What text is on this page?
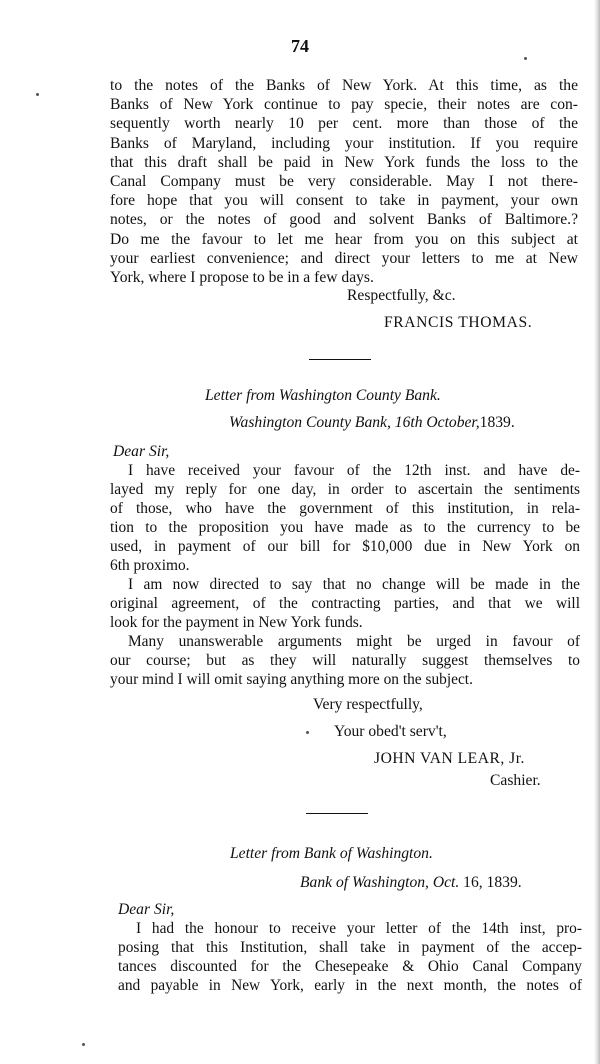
74
to the notes of the Banks of New York. At this time, as the
Banks of New York continue to pay specie, their notes are con-
sequently worth nearly 10 per cent. more than those of the
Banks of Maryland, including your institution. If you require
that this draft shall be paid in New York funds the loss to the
Canal Company must be very considerable. May I not there-
fore hope that you will consent to take in payment, your own
notes, or the notes of good and solvent Banks of Baltimore.?
Do me the favour to let me hear from you on this subject at
your earliest convenience; and direct your letters to me at New
York, where I propose to be in a few days.
Respectfully, &c.
FRANCIS THOMAS.
Letter from Washington County Bank.
Washington County Bank, 16th October,1839.
Dear Sir,
I have received your favour of the 12th inst. and have de-
layed my reply for one day, in order to ascertain the sentiments
of those, who have the government of this institution, in rela-
tion to the proposition you have made as to the currency to be
used, in payment of our bill for $10,000 due in New York on
6th proximo.
I am now directed to say that no change will be made in the
original agreement, of the contracting parties, and that we will
look for the payment in New York funds.
Many unanswerable arguments might be urged in favour of
our course; but as they will naturally suggest themselves to
your mind I will omit saying anything more on the subject.
Very respectfully,
Your obed't serv't,
JOHN VAN LEAR, Jr.
Cashier.
Letter from Bank of Washington.
Bank of Washington, Oct. 16, 1839.
Dear Sir,
I had the honour to receive your letter of the 14th inst, pro-
posing that this Institution, shall take in payment of the accep-
tances discounted for the Chesepeake & Ohio Canal Company
and payable in New York, early in the next month, the notes of
